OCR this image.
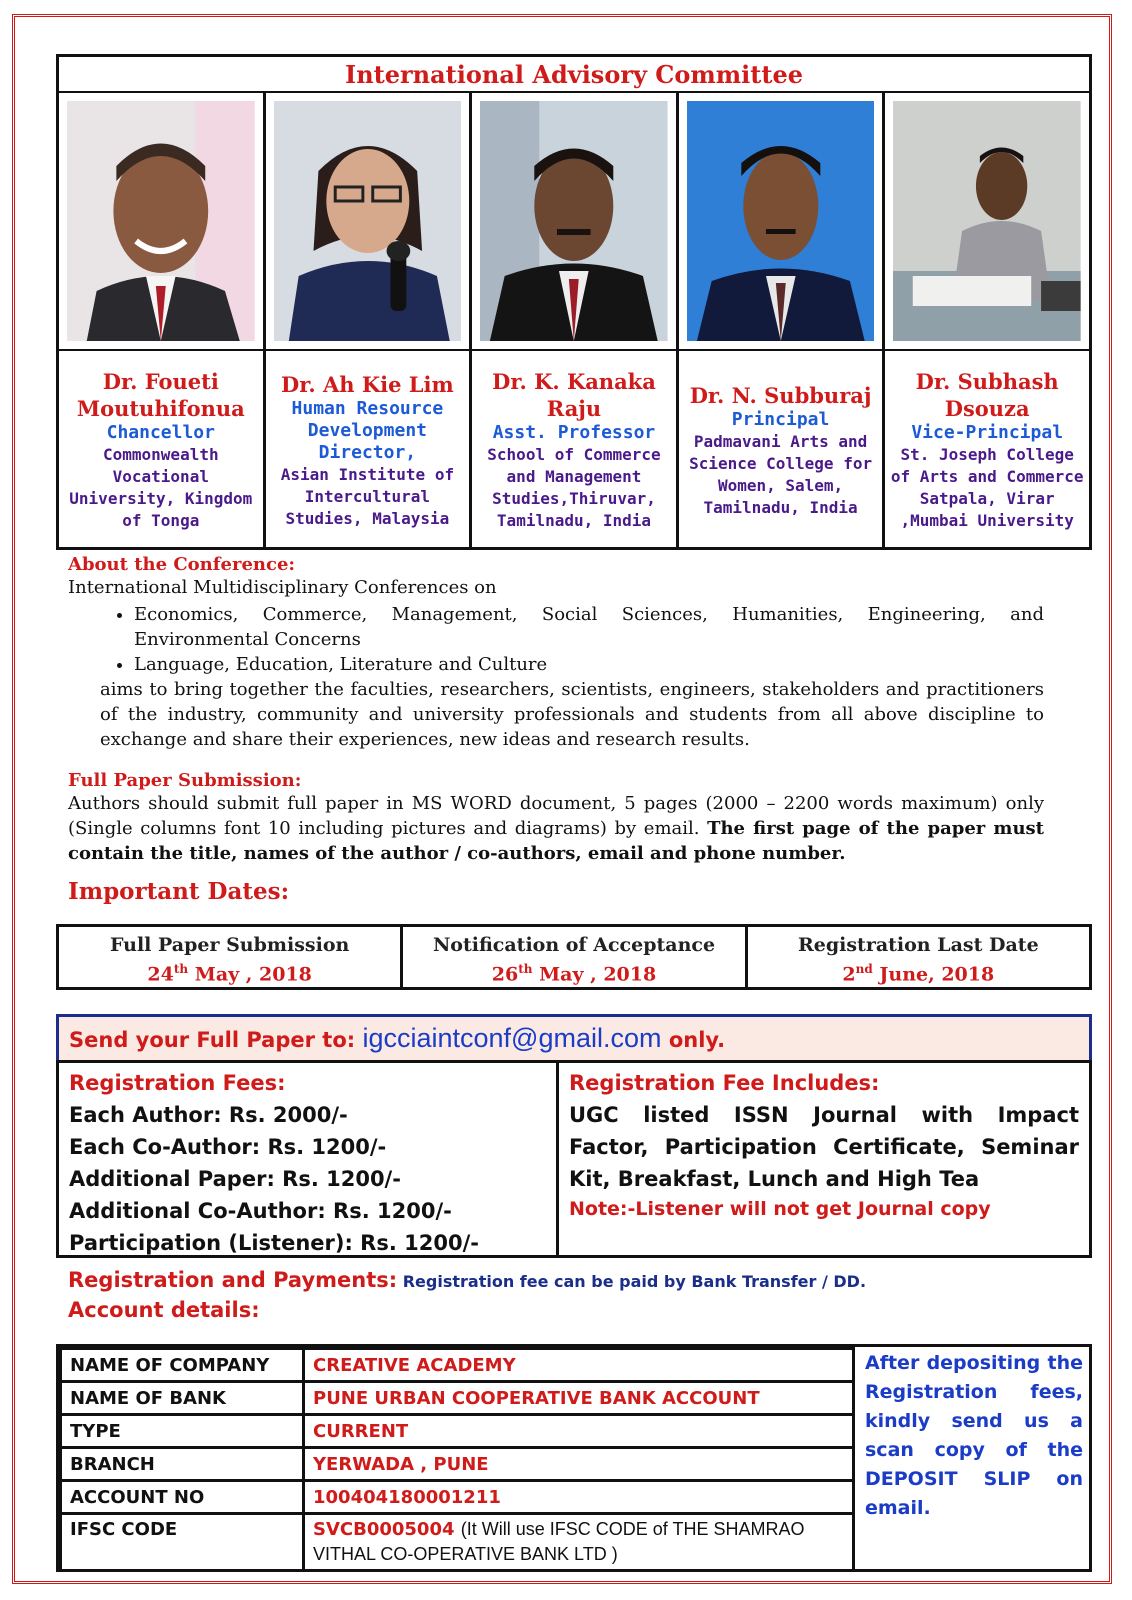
International Advisory Committee
Dr. Foueti Moutuhifonua
Chancellor
Commonwealth Vocational University, Kingdom of Tonga
Dr. Ah Kie Lim
Human Resource Development Director,
Asian Institute of Intercultural Studies, Malaysia
Dr. K. Kanaka Raju
Asst. Professor
School of Commerce and Management Studies,Thiruvar, Tamilnadu, India
Dr. N. Subburaj
Principal
Padmavani Arts and Science College for Women, Salem, Tamilnadu, India
Dr. Subhash Dsouza
Vice-Principal
St. Joseph College of Arts and Commerce Satpala, Virar ,Mumbai University
About the Conference:
International Multidisciplinary Conferences on
• Economics, Commerce, Management, Social Sciences, Humanities, Engineering, and Environmental Concerns
• Language, Education, Literature and Culture
aims to bring together the faculties, researchers, scientists, engineers, stakeholders and practitioners of the industry, community and university professionals and students from all above discipline to exchange and share their experiences, new ideas and research results.
Full Paper Submission:
Authors should submit full paper in MS WORD document, 5 pages (2000 – 2200 words maximum) only (Single columns font 10 including pictures and diagrams) by email. The first page of the paper must contain the title, names of the author / co-authors, email and phone number.
Important Dates:
Full Paper Submission
24th May , 2018
Notification of Acceptance
26th May , 2018
Registration Last Date
2nd June, 2018
Send your Full Paper to: igcciaintconf@gmail.com only.
Registration Fees:
Each Author: Rs. 2000/-
Each Co-Author: Rs. 1200/-
Additional Paper: Rs. 1200/-
Additional Co-Author: Rs. 1200/-
Participation (Listener): Rs. 1200/-
Registration Fee Includes:
UGC listed ISSN Journal with Impact Factor, Participation Certificate, Seminar Kit, Breakfast, Lunch and High Tea
Note:-Listener will not get Journal copy
Registration and Payments: Registration fee can be paid by Bank Transfer / DD.
Account details:
NAME OF COMPANY	CREATIVE ACADEMY
NAME OF BANK	PUNE URBAN COOPERATIVE BANK ACCOUNT
TYPE	CURRENT
BRANCH	YERWADA , PUNE
ACCOUNT NO	100404180001211
IFSC CODE	SVCB0005004 (It Will use IFSC CODE of THE SHAMRAO VITHAL CO-OPERATIVE BANK LTD )
After depositing the Registration fees, kindly send us a scan copy of the DEPOSIT SLIP on email.
